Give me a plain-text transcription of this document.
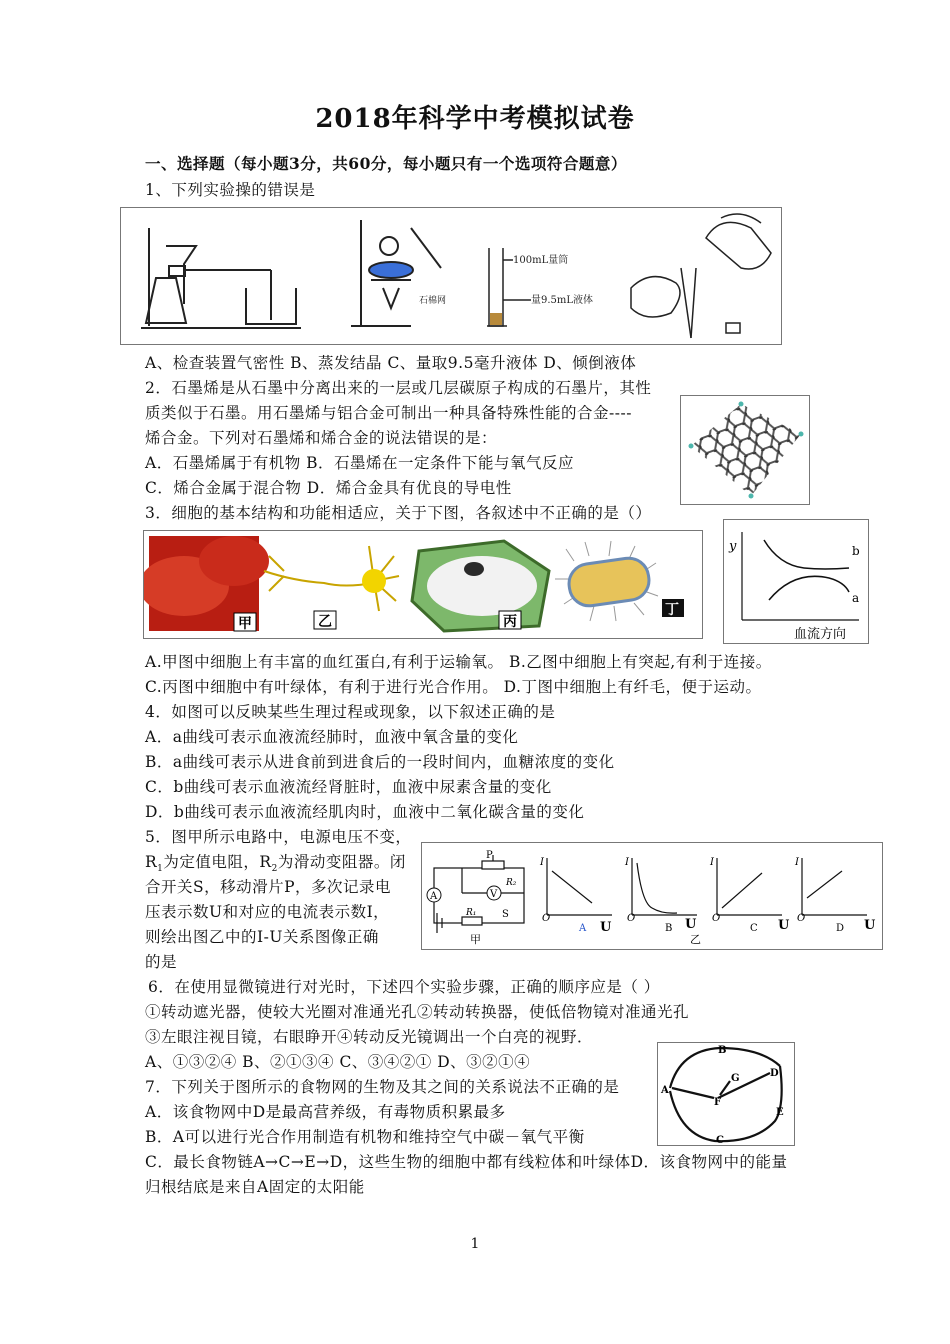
2018年科学中考模拟试卷
一、选择题（每小题3分，共60分，每小题只有一个选项符合题意）
1、下列实验操的错误是
石棉网
100mL量筒
量9.5mL液体
A、检查装置气密性 B、蒸发结晶 C、量取9.5毫升液体 D、倾倒液体
2．石墨烯是从石墨中分离出来的一层或几层碳原子构成的石墨片，其性
质类似于石墨。用石墨烯与铝合金可制出一种具备特殊性能的合金----
烯合金。下列对石墨烯和烯合金的说法错误的是：
A．石墨烯属于有机物 B．石墨烯在一定条件下能与氧气反应
C．烯合金属于混合物 D．烯合金具有优良的导电性
3．细胞的基本结构和功能相适应，关于下图，各叙述中不正确的是（）
甲	乙	丙
丁
y	b
a
血流方向
A.甲图中细胞上有丰富的血红蛋白,有利于运输氧。 B.乙图中细胞上有突起,有利于连接。
C.丙图中细胞中有叶绿体，有利于进行光合作用。 D.丁图中细胞上有纤毛，便于运动。
4．如图可以反映某些生理过程或现象，以下叙述正确的是
A．a曲线可表示血液流经肺时，血液中氧含量的变化
B．a曲线可表示从进食前到进食后的一段时间内，血糖浓度的变化
C．b曲线可表示血液流经肾脏时，血液中尿素含量的变化
D．b曲线可表示血液流经肌肉时，血液中二氧化碳含量的变化
5．图甲所示电路中，电源电压不变，
$R_1$为定值电阻，$R_2$为滑动变阻器。闭
合开关S，移动滑片P，多次记录电
压表示数U和对应的电流表示数I，
则绘出图乙中的I-U关系图像正确
的是
A	V
P
R₂
R₁	S
甲
I
O
U
A
I
O	U
B
乙
I
O	U
C
I
O	U
D
6．在使用显微镜进行对光时，下述四个实验步骤，正确的顺序应是（ ）
①转动遮光器，使较大光圈对准通光孔②转动转换器，使低倍物镜对准通光孔
③左眼注视目镜，右眼睁开④转动反光镜调出一个白亮的视野．
A、①③②④ B、②①③④ C、③④②① D、③②①④
A
B
C
D
E
F
G
7．下列关于图所示的食物网的生物及其之间的关系说法不正确的是
A．该食物网中D是最高营养级，有毒物质积累最多
B．A可以进行光合作用制造有机物和维持空气中碳－氧气平衡
C．最长食物链A→C→E→D，这些生物的细胞中都有线粒体和叶绿体D．该食物网中的能量
归根结底是来自A固定的太阳能
1
